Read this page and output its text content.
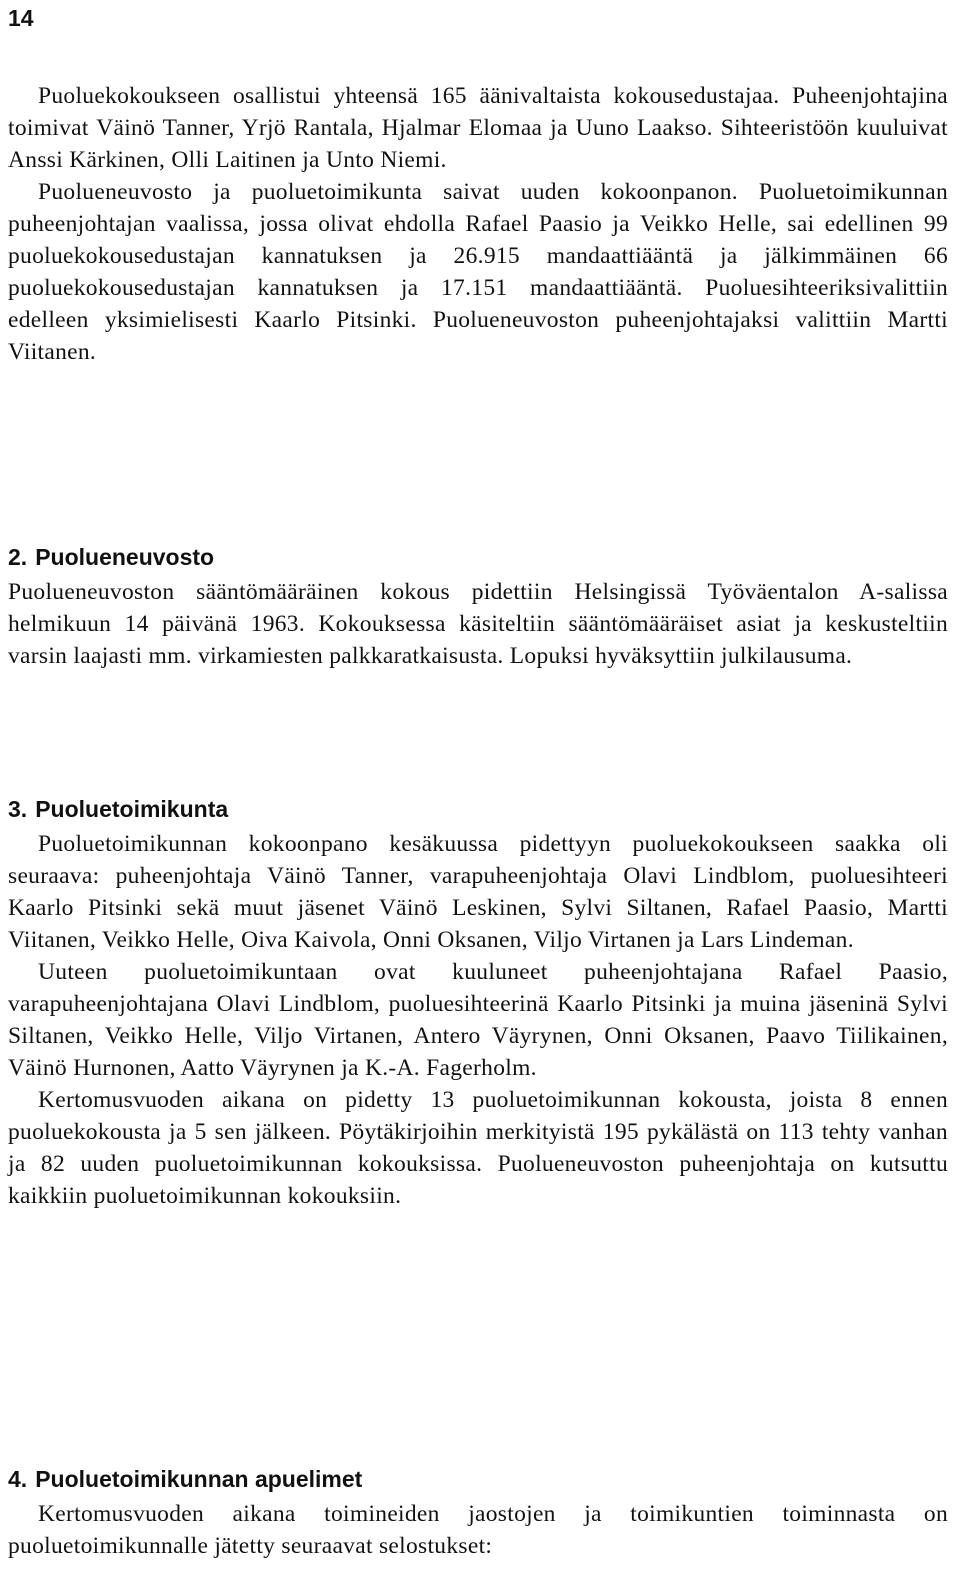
14

Puoluekokoukseen osallistui yhteensä 165 äänivaltaista kokousedustajaa. Puheenjohtajina toimivat Väinö Tanner, Yrjö Rantala, Hjalmar Elomaa ja Uuno Laakso. Sihteeristöön kuuluivat Anssi Kärkinen, Olli Laitinen ja Unto Niemi.

Puolueneuvosto ja puoluetoimikunta saivat uuden kokoonpanon. Puoluetoimikunnan puheenjohtajan vaalissa, jossa olivat ehdolla Rafael Paasio ja Veikko Helle, sai edellinen 99 puoluekokousedustajan kannatuksen ja 26.915 mandaattiääntä ja jälkimmäinen 66 puoluekokousedustajan kannatuksen ja 17.151 mandaattiääntä. Puoluesihteeriksivalittiin edelleen yksimielisesti Kaarlo Pitsinki. Puolueneuvoston puheenjohtajaksi valittiin Martti Viitanen.

2. Puolueneuvosto

Puolueneuvoston sääntömääräinen kokous pidettiin Helsingissä Työväentalon A-salissa helmikuun 14 päivänä 1963. Kokouksessa käsiteltiin sääntömääräiset asiat ja keskusteltiin varsin laajasti mm. virkamiesten palkkaratkaisusta. Lopuksi hyväksyttiin julkilausuma.

3. Puoluetoimikunta

Puoluetoimikunnan kokoonpano kesäkuussa pidettyyn puoluekokoukseen saakka oli seuraava: puheenjohtaja Väinö Tanner, varapuheenjohtaja Olavi Lindblom, puoluesihteeri Kaarlo Pitsinki sekä muut jäsenet Väinö Leskinen, Sylvi Siltanen, Rafael Paasio, Martti Viitanen, Veikko Helle, Oiva Kaivola, Onni Oksanen, Viljo Virtanen ja Lars Lindeman.

Uuteen puoluetoimikuntaan ovat kuuluneet puheenjohtajana Rafael Paasio, varapuheenjohtajana Olavi Lindblom, puoluesihteerinä Kaarlo Pitsinki ja muina jäseninä Sylvi Siltanen, Veikko Helle, Viljo Virtanen, Antero Väyrynen, Onni Oksanen, Paavo Tiilikainen, Väinö Hurnonen, Aatto Väyrynen ja K.-A. Fagerholm.

Kertomusvuoden aikana on pidetty 13 puoluetoimikunnan kokousta, joista 8 ennen puoluekokousta ja 5 sen jälkeen. Pöytäkirjoihin merkityistä 195 pykälästä on 113 tehty vanhan ja 82 uuden puoluetoimikunnan kokouksissa. Puolueneuvoston puheenjohtaja on kutsuttu kaikkiin puoluetoimikunnan kokouksiin.

4. Puoluetoimikunnan apuelimet

Kertomusvuoden aikana toimineiden jaostojen ja toimikuntien toiminnasta on puoluetoimikunnalle jätetty seuraavat selostukset:
